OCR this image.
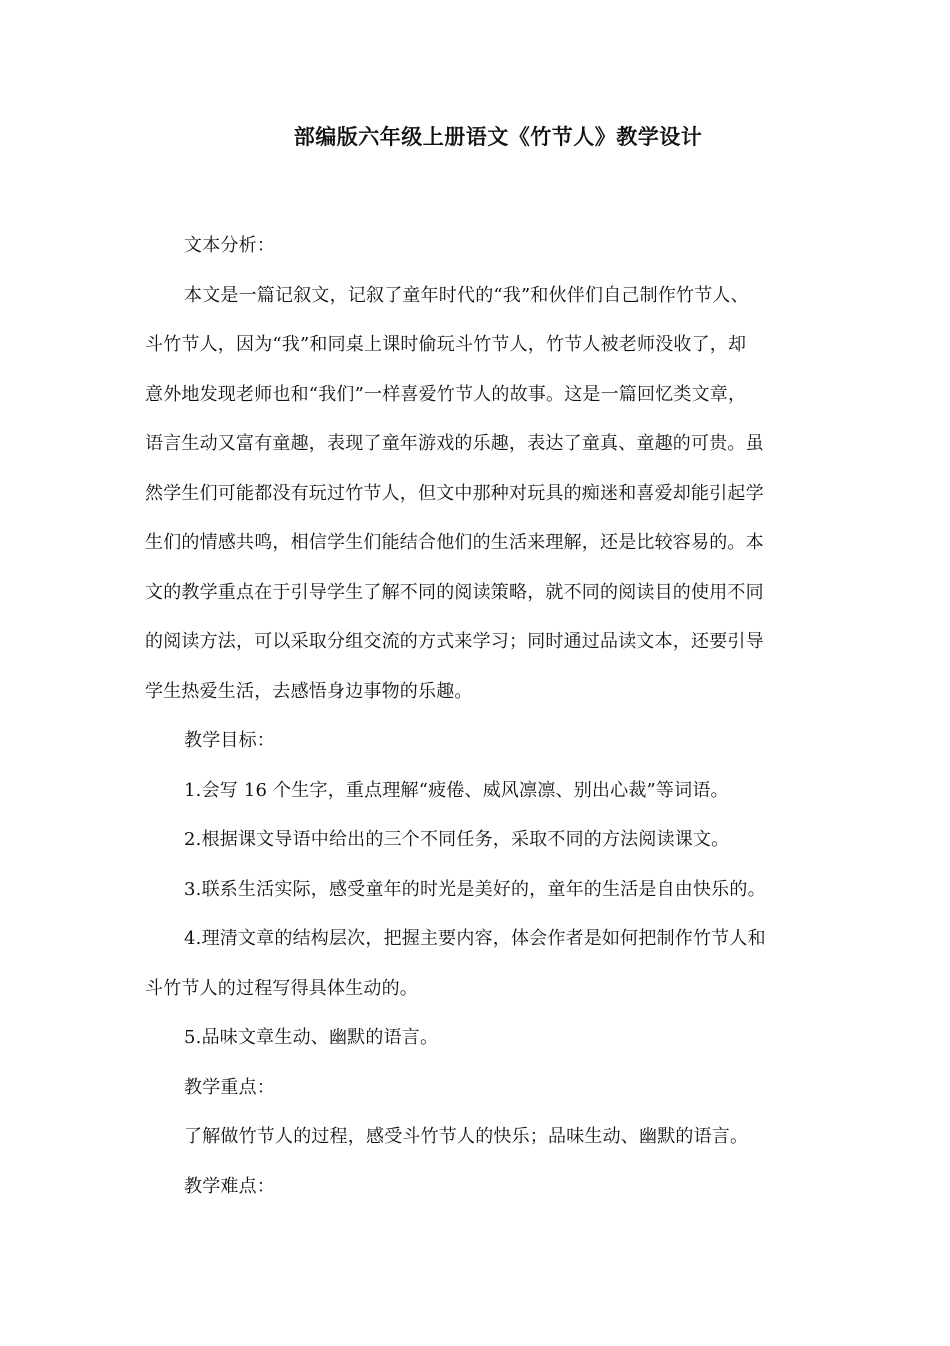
部编版六年级上册语文《竹节人》教学设计

文本分析：

本文是一篇记叙文，记叙了童年时代的“我”和伙伴们自己制作竹节人、
斗竹节人，因为“我”和同桌上课时偷玩斗竹节人，竹节人被老师没收了，却
意外地发现老师也和“我们”一样喜爱竹节人的故事。这是一篇回忆类文章，
语言生动又富有童趣，表现了童年游戏的乐趣，表达了童真、童趣的可贵。虽
然学生们可能都没有玩过竹节人，但文中那种对玩具的痴迷和喜爱却能引起学
生们的情感共鸣，相信学生们能结合他们的生活来理解，还是比较容易的。本
文的教学重点在于引导学生了解不同的阅读策略，就不同的阅读目的使用不同
的阅读方法，可以采取分组交流的方式来学习；同时通过品读文本，还要引导
学生热爱生活，去感悟身边事物的乐趣。

教学目标：

1.会写 16 个生字，重点理解“疲倦、威风凛凛、别出心裁”等词语。

2.根据课文导语中给出的三个不同任务，采取不同的方法阅读课文。

3.联系生活实际，感受童年的时光是美好的，童年的生活是自由快乐的。

4.理清文章的结构层次，把握主要内容，体会作者是如何把制作竹节人和
斗竹节人的过程写得具体生动的。

5.品味文章生动、幽默的语言。

教学重点：

了解做竹节人的过程，感受斗竹节人的快乐；品味生动、幽默的语言。

教学难点：
